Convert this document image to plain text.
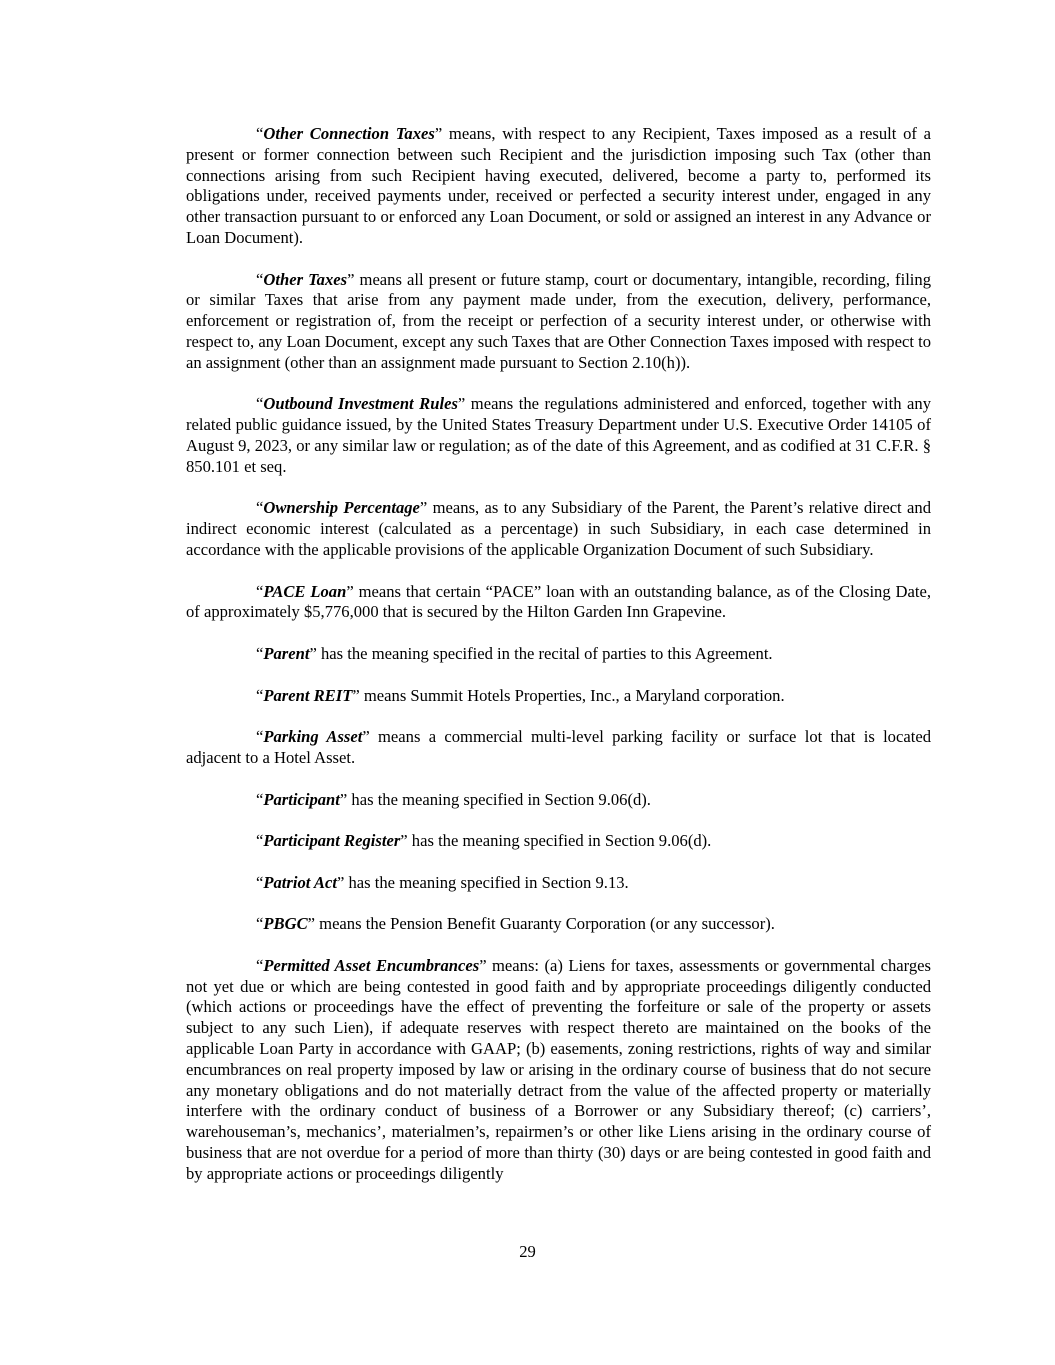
“Other Connection Taxes” means, with respect to any Recipient, Taxes imposed as a result of a present or former connection between such Recipient and the jurisdiction imposing such Tax (other than connections arising from such Recipient having executed, delivered, become a party to, performed its obligations under, received payments under, received or perfected a security interest under, engaged in any other transaction pursuant to or enforced any Loan Document, or sold or assigned an interest in any Advance or Loan Document).

“Other Taxes” means all present or future stamp, court or documentary, intangible, recording, filing or similar Taxes that arise from any payment made under, from the execution, delivery, performance, enforcement or registration of, from the receipt or perfection of a security interest under, or otherwise with respect to, any Loan Document, except any such Taxes that are Other Connection Taxes imposed with respect to an assignment (other than an assignment made pursuant to Section 2.10(h)).

“Outbound Investment Rules” means the regulations administered and enforced, together with any related public guidance issued, by the United States Treasury Department under U.S. Executive Order 14105 of August 9, 2023, or any similar law or regulation; as of the date of this Agreement, and as codified at 31 C.F.R. § 850.101 et seq.

“Ownership Percentage” means, as to any Subsidiary of the Parent, the Parent’s relative direct and indirect economic interest (calculated as a percentage) in such Subsidiary, in each case determined in accordance with the applicable provisions of the applicable Organization Document of such Subsidiary.

“PACE Loan” means that certain “PACE” loan with an outstanding balance, as of the Closing Date, of approximately $5,776,000 that is secured by the Hilton Garden Inn Grapevine.

“Parent” has the meaning specified in the recital of parties to this Agreement.

“Parent REIT” means Summit Hotels Properties, Inc., a Maryland corporation.

“Parking Asset” means a commercial multi-level parking facility or surface lot that is located adjacent to a Hotel Asset.

“Participant” has the meaning specified in Section 9.06(d).

“Participant Register” has the meaning specified in Section 9.06(d).

“Patriot Act” has the meaning specified in Section 9.13.

“PBGC” means the Pension Benefit Guaranty Corporation (or any successor).

“Permitted Asset Encumbrances” means: (a) Liens for taxes, assessments or governmental charges not yet due or which are being contested in good faith and by appropriate proceedings diligently conducted (which actions or proceedings have the effect of preventing the forfeiture or sale of the property or assets subject to any such Lien), if adequate reserves with respect thereto are maintained on the books of the applicable Loan Party in accordance with GAAP; (b) easements, zoning restrictions, rights of way and similar encumbrances on real property imposed by law or arising in the ordinary course of business that do not secure any monetary obligations and do not materially detract from the value of the affected property or materially interfere with the ordinary conduct of business of a Borrower or any Subsidiary thereof; (c) carriers’, warehouseman’s, mechanics’, materialmen’s, repairmen’s or other like Liens arising in the ordinary course of business that are not overdue for a period of more than thirty (30) days or are being contested in good faith and by appropriate actions or proceedings diligently

29
